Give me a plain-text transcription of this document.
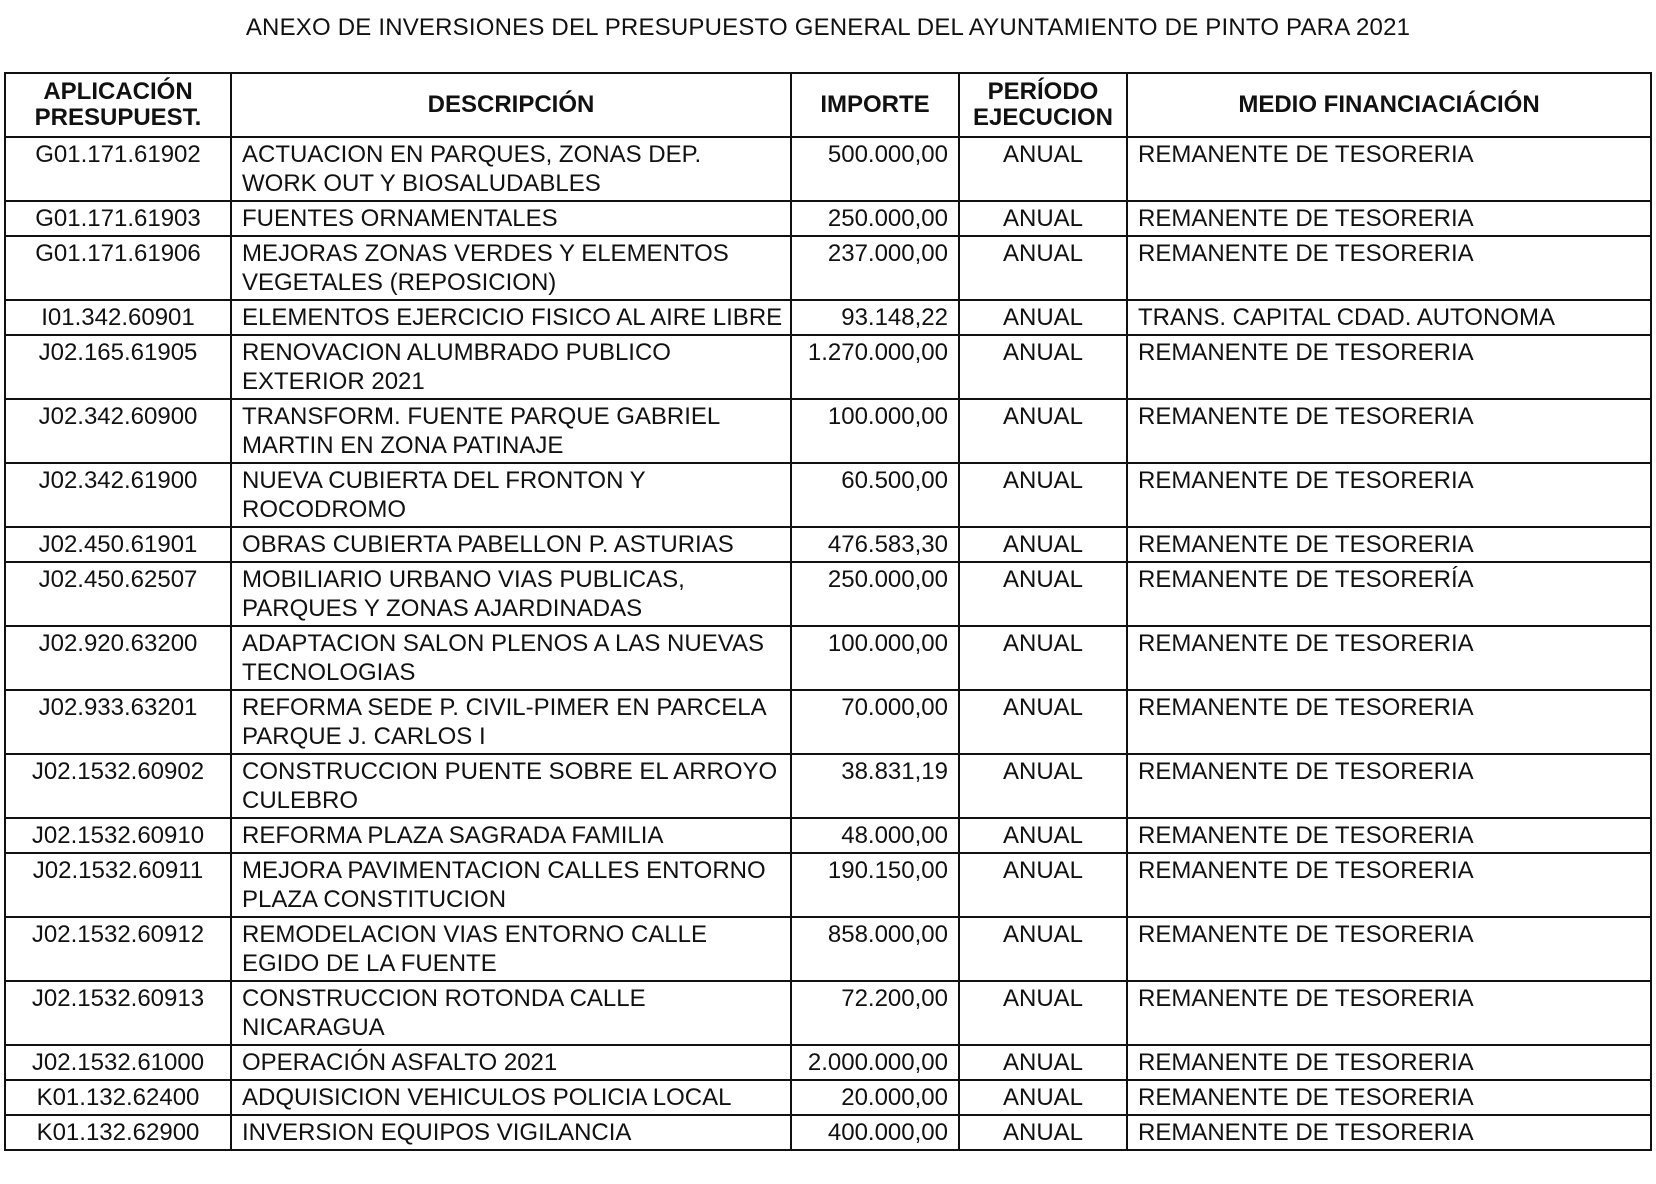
ANEXO DE INVERSIONES DEL PRESUPUESTO GENERAL DEL AYUNTAMIENTO DE PINTO PARA 2021
APLICACIÓN
PRESUPUEST.	DESCRIPCIÓN	IMPORTE	PERÍODO
EJECUCION	MEDIO FINANCIACIÁCIÓN
G01.171.61902	ACTUACION EN PARQUES, ZONAS DEP.
WORK OUT Y BIOSALUDABLES	500.000,00	ANUAL	REMANENTE DE TESORERIA
G01.171.61903	FUENTES ORNAMENTALES	250.000,00	ANUAL	REMANENTE DE TESORERIA
G01.171.61906	MEJORAS ZONAS VERDES Y ELEMENTOS
VEGETALES (REPOSICION)	237.000,00	ANUAL	REMANENTE DE TESORERIA
I01.342.60901	ELEMENTOS EJERCICIO FISICO AL AIRE LIBRE	93.148,22	ANUAL	TRANS. CAPITAL CDAD. AUTONOMA
J02.165.61905	RENOVACION ALUMBRADO PUBLICO
EXTERIOR 2021	1.270.000,00	ANUAL	REMANENTE DE TESORERIA
J02.342.60900	TRANSFORM. FUENTE PARQUE GABRIEL
MARTIN EN ZONA PATINAJE	100.000,00	ANUAL	REMANENTE DE TESORERIA
J02.342.61900	NUEVA CUBIERTA DEL FRONTON Y
ROCODROMO	60.500,00	ANUAL	REMANENTE DE TESORERIA
J02.450.61901	OBRAS CUBIERTA PABELLON P. ASTURIAS	476.583,30	ANUAL	REMANENTE DE TESORERIA
J02.450.62507	MOBILIARIO URBANO VIAS PUBLICAS,
PARQUES Y ZONAS AJARDINADAS	250.000,00	ANUAL	REMANENTE DE TESORERÍA
J02.920.63200	ADAPTACION SALON PLENOS A LAS NUEVAS
TECNOLOGIAS	100.000,00	ANUAL	REMANENTE DE TESORERIA
J02.933.63201	REFORMA SEDE P. CIVIL-PIMER EN PARCELA
PARQUE J. CARLOS I	70.000,00	ANUAL	REMANENTE DE TESORERIA
J02.1532.60902	CONSTRUCCION PUENTE SOBRE EL ARROYO
CULEBRO	38.831,19	ANUAL	REMANENTE DE TESORERIA
J02.1532.60910	REFORMA PLAZA SAGRADA FAMILIA	48.000,00	ANUAL	REMANENTE DE TESORERIA
J02.1532.60911	MEJORA PAVIMENTACION CALLES ENTORNO
PLAZA CONSTITUCION	190.150,00	ANUAL	REMANENTE DE TESORERIA
J02.1532.60912	REMODELACION VIAS ENTORNO CALLE
EGIDO DE LA FUENTE	858.000,00	ANUAL	REMANENTE DE TESORERIA
J02.1532.60913	CONSTRUCCION ROTONDA CALLE
NICARAGUA	72.200,00	ANUAL	REMANENTE DE TESORERIA
J02.1532.61000	OPERACIÓN ASFALTO 2021	2.000.000,00	ANUAL	REMANENTE DE TESORERIA
K01.132.62400	ADQUISICION VEHICULOS POLICIA LOCAL	20.000,00	ANUAL	REMANENTE DE TESORERIA
K01.132.62900	INVERSION EQUIPOS VIGILANCIA	400.000,00	ANUAL	REMANENTE DE TESORERIA
